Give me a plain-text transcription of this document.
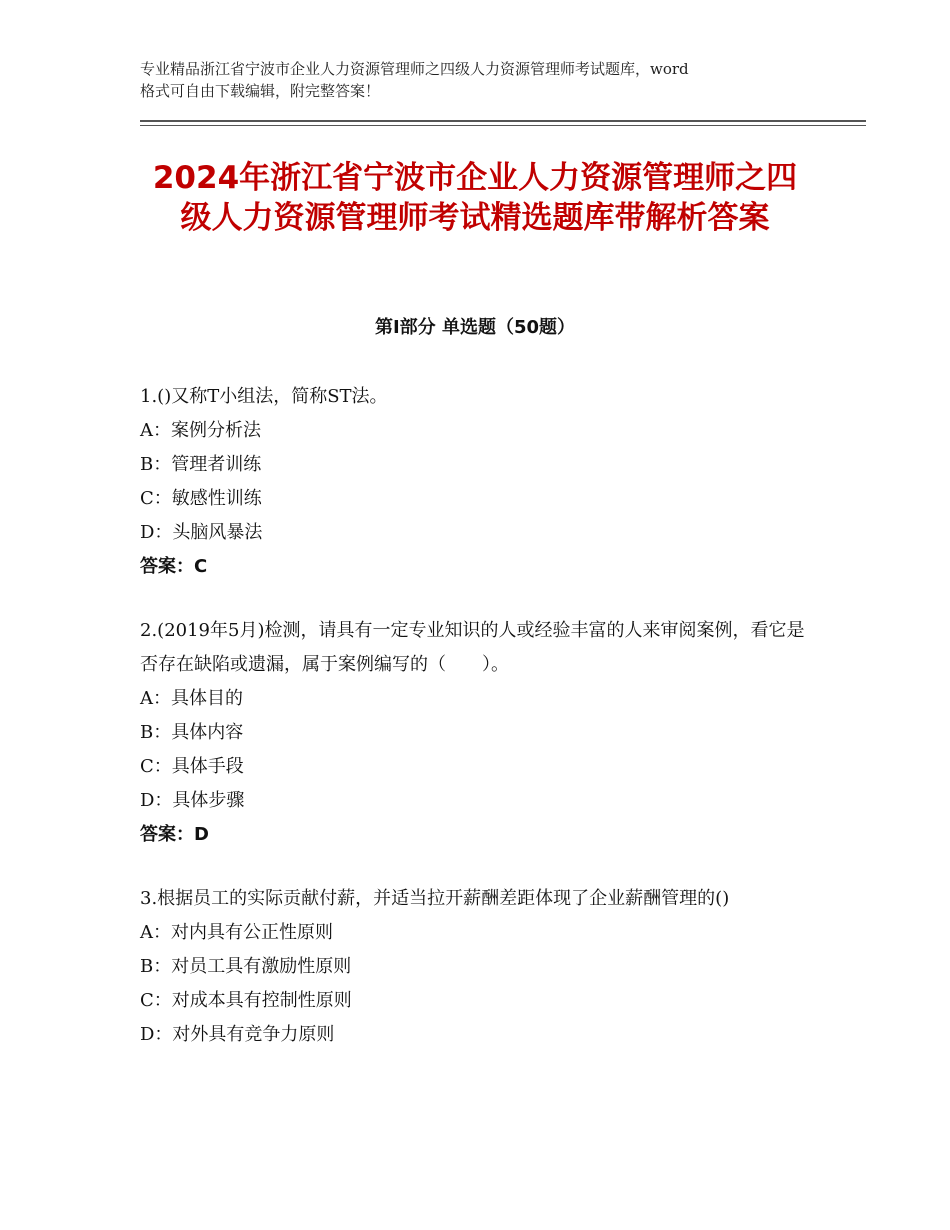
专业精品浙江省宁波市企业人力资源管理师之四级人力资源管理师考试题库，word
格式可自由下载编辑，附完整答案！
2024年浙江省宁波市企业人力资源管理师之四级人力资源管理师考试精选题库带解析答案
第Ⅰ部分 单选题（50题）

1.()又称T小组法，简称ST法。

A：案例分析法

B：管理者训练

C：敏感性训练

D：头脑风暴法

答案：C

2.(2019年5月)检测，请具有一定专业知识的人或经验丰富的人来审阅案例，看它是否存在缺陷或遗漏，属于案例编写的（　　）。

A：具体目的

B：具体内容

C：具体手段

D：具体步骤

答案：D

3.根据员工的实际贡献付薪，并适当拉开薪酬差距体现了企业薪酬管理的()

A：对内具有公正性原则

B：对员工具有激励性原则

C：对成本具有控制性原则

D：对外具有竞争力原则
